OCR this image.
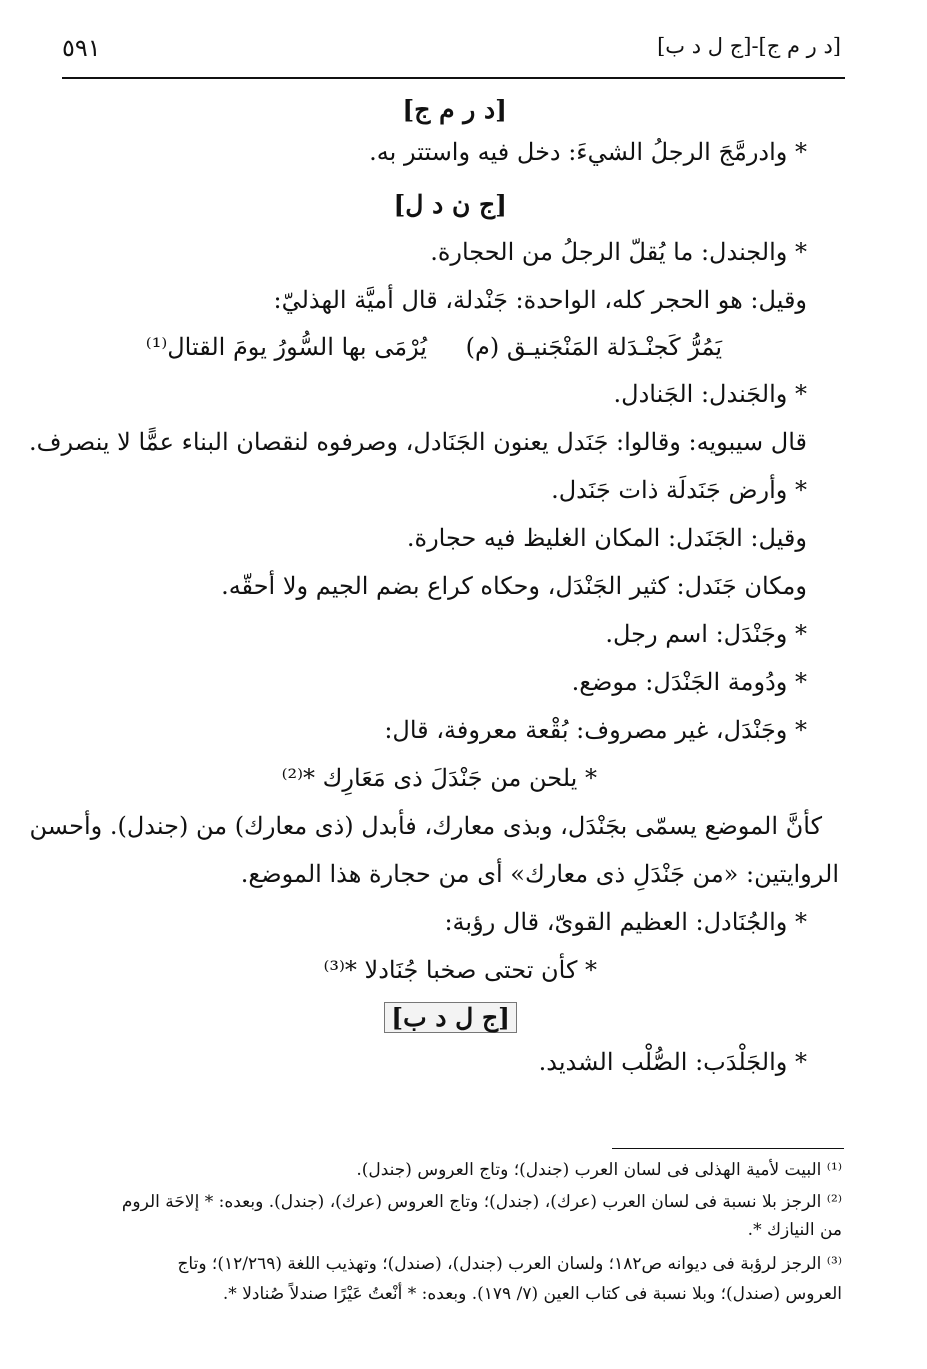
٥٩١	[د ر م ج]-[ج ل د ب]
[د ر م ج]
* وادرمَّجَ الرجلُ الشيءَ: دخل فيه واستتر به.
[ج ن د ل]
* والجندل: ما يُقلّ الرجلُ من الحجارة.
وقيل: هو الحجر كله، الواحدة: جَنْدلة، قال أميَّة الهذليّ:
يَمُرُّ كَجنْـدَلة المَنْجَنيـق (م)
يُرْمَى بها السُّورُ يومَ القتال⁽¹⁾
* والجَندل: الجَنادل.
قال سيبويه: وقالوا: جَنَدل يعنون الجَنَادل، وصرفوه لنقصان البناء عمًّا لا ينصرف.
* وأرض جَنَدلَة ذات جَنَدل.
وقيل: الجَنَدل: المكان الغليظ فيه حجارة.
ومكان جَنَدل: كثير الجَنْدَل، وحكاه كراع بضم الجيم ولا أحقّه.
* وجَنْدَل: اسم رجل.
* ودُومة الجَنْدَل: موضع.
* وجَنْدَل، غير مصروف: بُقْعة معروفة، قال:
* يلحن من جَنْدَلَ ذى مَعَارِك *⁽²⁾
كأنَّ الموضع يسمّى بجَنْدَل، وبذى معارك، فأبدل (ذى معارك) من (جندل). وأحسن
الروايتين: «من جَنْدَلِ ذى معارك» أى من حجارة هذا الموضع.
* والجُنَادل: العظيم القوىّ، قال رؤبة:
* كأن تحتى صخبا جُنَادلا *⁽³⁾
[ج ل د ب]
* والجَلْدَب: الصُّلْب الشديد.
⁽¹⁾ البيت لأمية الهذلى فى لسان العرب (جندل)؛ وتاج العروس (جندل).
⁽²⁾ الرجز بلا نسبة فى لسان العرب (عرك)، (جندل)؛ وتاج العروس (عرك)، (جندل). وبعده: * إلاحَة الروم
من النيازك *.
⁽³⁾ الرجز لرؤبة فى ديوانه ص١٨٢؛ ولسان العرب (جندل)، (صندل)؛ وتهذيب اللغة (١٢/٢٦٩)؛ وتاج
العروس (صندل)؛ وبلا نسبة فى كتاب العين (٧/ ١٧٩). وبعده: * أنْعتُ عَيْرًا صندلاً صُنادلا *.
